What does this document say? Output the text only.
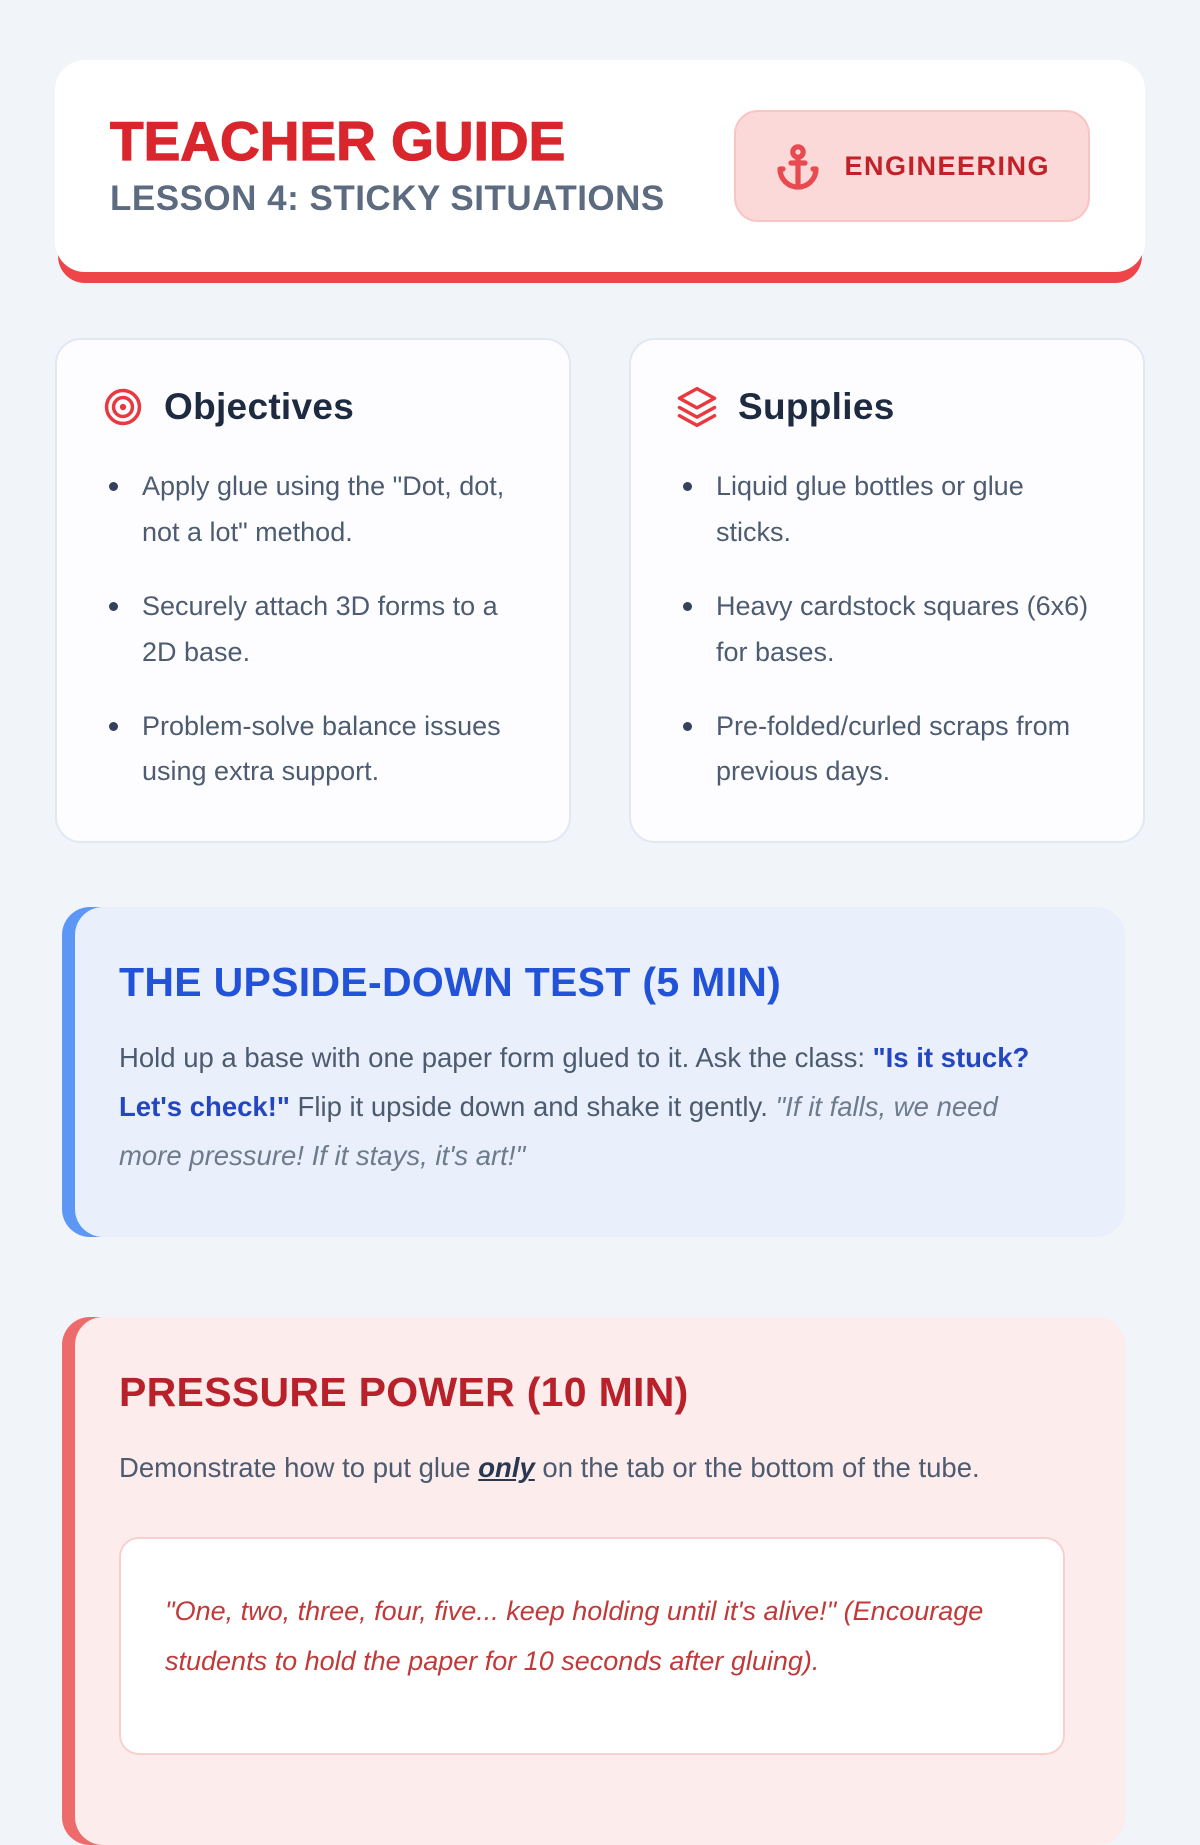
TEACHER GUIDE
LESSON 4: STICKY SITUATIONS
ENGINEERING
Objectives
Apply glue using the "Dot, dot, not a lot" method.
Securely attach 3D forms to a 2D base.
Problem-solve balance issues using extra support.
Supplies
Liquid glue bottles or glue sticks.
Heavy cardstock squares (6x6) for bases.
Pre-folded/curled scraps from previous days.
THE UPSIDE-DOWN TEST (5 MIN)

Hold up a base with one paper form glued to it. Ask the class: "Is it stuck? Let's check!" Flip it upside down and shake it gently. "If it falls, we need more pressure! If it stays, it's art!"

PRESSURE POWER (10 MIN)

Demonstrate how to put glue only on the tab or the bottom of the tube.

"One, two, three, four, five... keep holding until it's alive!" (Encourage students to hold the paper for 10 seconds after gluing).
